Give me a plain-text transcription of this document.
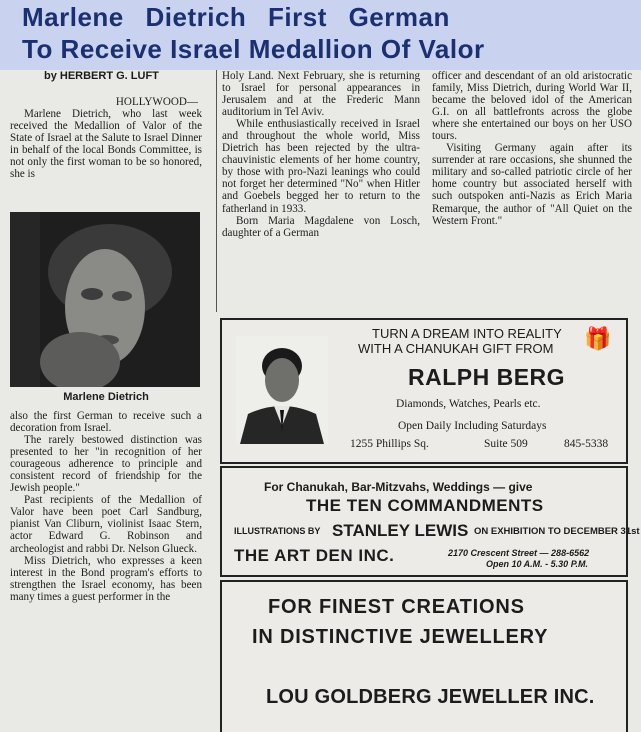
Marlene Dietrich First German
To Receive Israel Medallion Of Valor
by HERBERT G. LUFT

HOLLYWOOD—

Marlene Dietrich, who last week received the Medallion of Valor of the State of Israel at the Salute to Israel Dinner in behalf of the local Bonds Committee, is not only the first woman to be so honored, she is

Marlene Dietrich

also the first German to receive such a decoration from Israel.

The rarely bestowed distinction was presented to her "in recognition of her courageous adherence to principle and consistent record of friendship for the Jewish people."

Past recipients of the Medallion of Valor have been poet Carl Sandburg, pianist Van Cliburn, violinist Isaac Stern, actor Edward G. Robinson and archeologist and rabbi Dr. Nelson Glueck.

Miss Dietrich, who expresses a keen interest in the Bond program's efforts to strengthen the Israel economy, has been many times a guest performer in the

Holy Land. Next February, she is returning to Israel for personal appearances in Jerusalem and at the Frederic Mann auditorium in Tel Aviv.

While enthusiastically received in Israel and throughout the whole world, Miss Dietrich has been rejected by the ultra-chauvinistic elements of her home country, by those with pro-Nazi leanings who could not forget her determined "No" when Hitler and Goebels begged her to return to the fatherland in 1933.

Born Maria Magdalene von Losch, daughter of a German

officer and descendant of an old aristocratic family, Miss Dietrich, during World War II, became the beloved idol of the American G.I. on all battlefronts across the globe where she entertained our boys on her USO tours.

Visiting Germany again after its surrender at rare occasions, she shunned the military and so-called patriotic circle of her home country but associated herself with such outspoken anti-Nazis as Erich Maria Remarque, the author of "All Quiet on the Western Front."

TURN A DREAM INTO REALITY
WITH A CHANUKAH GIFT FROM 🎁
RALPH BERG
Diamonds, Watches, Pearls etc.
Open Daily Including Saturdays
1255 Phillips Sq.	Suite 509	845-5338
For Chanukah, Bar-Mitzvahs, Weddings — give
THE TEN COMMANDMENTS
ILLUSTRATIONS BY STANLEY LEWIS ON EXHIBITION TO DECEMBER 31st
THE ART DEN INC.	2170 Crescent Street — 288-6562
Open 10 A.M. - 5.30 P.M.
FOR FINEST CREATIONS
IN DISTINCTIVE JEWELLERY
LOU GOLDBERG JEWELLER INC.
